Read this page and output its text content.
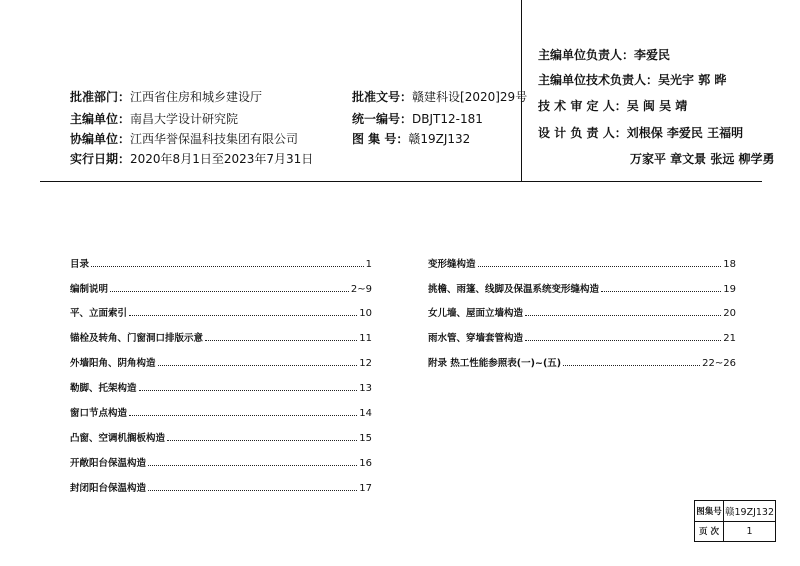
批准部门：江西省住房和城乡建设厅
主编单位：南昌大学设计研究院
协编单位：江西华誉保温科技集团有限公司
实行日期：2020年8月1日至2023年7月31日
批准文号：赣建科设[2020]29号
统一编号：DBJT12-181
图 集 号：赣19ZJ132
主编单位负责人：李爱民
主编单位技术负责人：吴光宇 郭 晔
技 术 审 定 人：吴 闽 吴 靖
设 计 负 责 人：刘根保 李爱民 王福明
万家平 章文景 张远 柳学勇
目录	1
编制说明	2~9
平、立面索引	10
锚栓及转角、门窗洞口排版示意	11
外墙阳角、阴角构造	12
勒脚、托架构造	13
窗口节点构造	14
凸窗、空调机搁板构造	15
开敞阳台保温构造	16
封闭阳台保温构造	17
变形缝构造	18
挑檐、雨篷、线脚及保温系统变形缝构造	19
女儿墙、屋面立墙构造	20
雨水管、穿墙套管构造	21
附录 热工性能参照表(一)~(五)	22~26
图集号 赣19ZJ132
页 次	1
